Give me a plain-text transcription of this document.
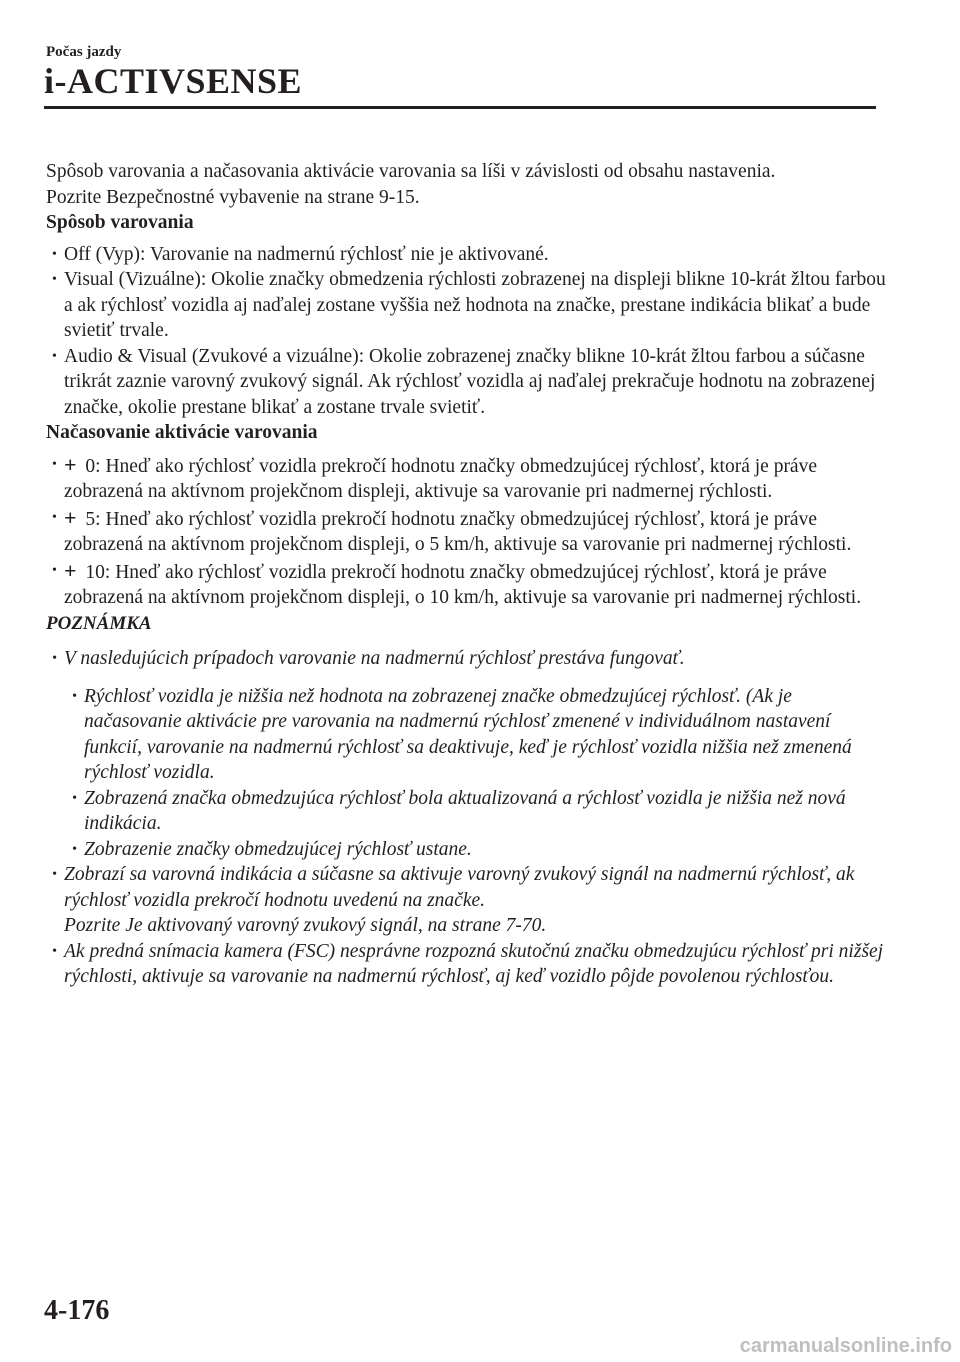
Počas jazdy
i-ACTIVSENSE

Spôsob varovania a načasovania aktivácie varovania sa líši v závislosti od obsahu nastavenia.

Pozrite Bezpečnostné vybavenie na strane 9-15.

Spôsob varovania

• Off (Vyp): Varovanie na nadmernú rýchlosť nie je aktivované.
• Visual (Vizuálne): Okolie značky obmedzenia rýchlosti zobrazenej na displeji blikne 10-krát žltou farbou a ak rýchlosť vozidla aj naďalej zostane vyššia než hodnota na značke, prestane indikácia blikať a bude svietiť trvale.
• Audio & Visual (Zvukové a vizuálne): Okolie zobrazenej značky blikne 10-krát žltou farbou a súčasne trikrát zaznie varovný zvukový signál. Ak rýchlosť vozidla aj naďalej prekračuje hodnotu na zobrazenej značke, okolie prestane blikať a zostane trvale svietiť.

Načasovanie aktivácie varovania

• + 0: Hneď ako rýchlosť vozidla prekročí hodnotu značky obmedzujúcej rýchlosť, ktorá je práve zobrazená na aktívnom projekčnom displeji, aktivuje sa varovanie pri nadmernej rýchlosti.
• + 5: Hneď ako rýchlosť vozidla prekročí hodnotu značky obmedzujúcej rýchlosť, ktorá je práve zobrazená na aktívnom projekčnom displeji, o 5 km/h, aktivuje sa varovanie pri nadmernej rýchlosti.
• + 10: Hneď ako rýchlosť vozidla prekročí hodnotu značky obmedzujúcej rýchlosť, ktorá je práve zobrazená na aktívnom projekčnom displeji, o 10 km/h, aktivuje sa varovanie pri nadmernej rýchlosti.

POZNÁMKA

• V nasledujúcich prípadoch varovanie na nadmernú rýchlosť prestáva fungovať.
• Rýchlosť vozidla je nižšia než hodnota na zobrazenej značke obmedzujúcej rýchlosť. (Ak je načasovanie aktivácie pre varovania na nadmernú rýchlosť zmenené v individuálnom nastavení funkcií, varovanie na nadmernú rýchlosť sa deaktivuje, keď je rýchlosť vozidla nižšia než zmenená rýchlosť vozidla.
• Zobrazená značka obmedzujúca rýchlosť bola aktualizovaná a rýchlosť vozidla je nižšia než nová indikácia.
• Zobrazenie značky obmedzujúcej rýchlosť ustane.
• Zobrazí sa varovná indikácia a súčasne sa aktivuje varovný zvukový signál na nadmernú rýchlosť, ak rýchlosť vozidla prekročí hodnotu uvedenú na značke.
Pozrite Je aktivovaný varovný zvukový signál, na strane 7-70.
• Ak predná snímacia kamera (FSC) nesprávne rozpozná skutočnú značku obmedzujúcu rýchlosť pri nižšej rýchlosti, aktivuje sa varovanie na nadmernú rýchlosť, aj keď vozidlo pôjde povolenou rýchlosťou.
4-176
carmanualsonline.info
